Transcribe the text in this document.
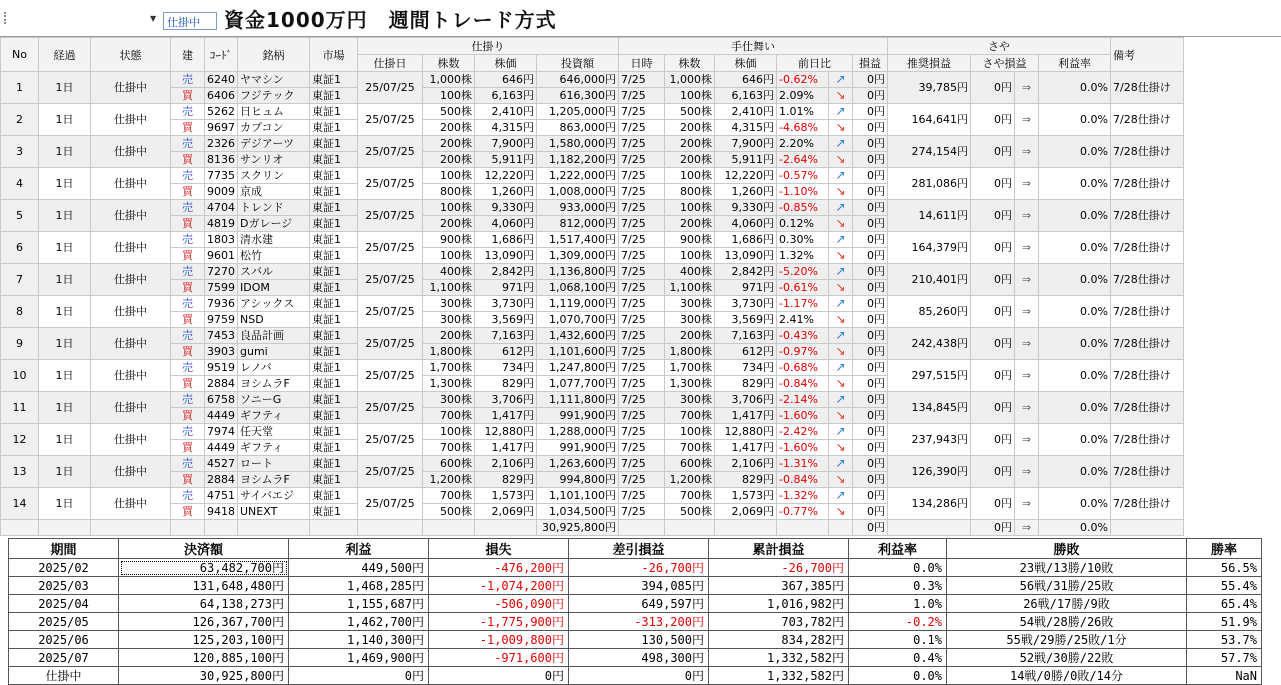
▼ 仕掛中	資金1000万円　週間トレード方式
No	経過	状態	建	ｺｰﾄﾞ	銘柄	市場	仕掛り				手仕舞い						さや				備考
							仕掛日	株数	株価	投資額	日時	株数	株価	前日比		損益	推奨損益	さや損益		利益率	
1	1日	仕掛中	売	6240	ヤマシン	東証1	25/07/25	1,000株	646円	646,000円	7/25	1,000株	646円	-0.62%	↗	0円	39,785円	0円	⇒	0.0%	7/28仕掛け
			買	6406	フジテック	東証1		100株	6,163円	616,300円	7/25	100株	6,163円	2.09%	↘	0円					
2	1日	仕掛中	売	5262	日ヒュム	東証1	25/07/25	500株	2,410円	1,205,000円	7/25	500株	2,410円	1.01%	↗	0円	164,641円	0円	⇒	0.0%	7/28仕掛け
			買	9697	カプコン	東証1		200株	4,315円	863,000円	7/25	200株	4,315円	-4.68%	↘	0円					
3	1日	仕掛中	売	2326	デジアーツ	東証1	25/07/25	200株	7,900円	1,580,000円	7/25	200株	7,900円	2.20%	↗	0円	274,154円	0円	⇒	0.0%	7/28仕掛け
			買	8136	サンリオ	東証1		200株	5,911円	1,182,200円	7/25	200株	5,911円	-2.64%	↘	0円					
4	1日	仕掛中	売	7735	スクリン	東証1	25/07/25	100株	12,220円	1,222,000円	7/25	100株	12,220円	-0.57%	↗	0円	281,086円	0円	⇒	0.0%	7/28仕掛け
			買	9009	京成	東証1		800株	1,260円	1,008,000円	7/25	800株	1,260円	-1.10%	↘	0円					
5	1日	仕掛中	売	4704	トレンド	東証1	25/07/25	100株	9,330円	933,000円	7/25	100株	9,330円	-0.85%	↗	0円	14,611円	0円	⇒	0.0%	7/28仕掛け
			買	4819	Dガレージ	東証1		200株	4,060円	812,000円	7/25	200株	4,060円	0.12%	↘	0円					
6	1日	仕掛中	売	1803	清水建	東証1	25/07/25	900株	1,686円	1,517,400円	7/25	900株	1,686円	0.30%	↗	0円	164,379円	0円	⇒	0.0%	7/28仕掛け
			買	9601	松竹	東証1		100株	13,090円	1,309,000円	7/25	100株	13,090円	1.32%	↘	0円					
7	1日	仕掛中	売	7270	スバル	東証1	25/07/25	400株	2,842円	1,136,800円	7/25	400株	2,842円	-5.20%	↗	0円	210,401円	0円	⇒	0.0%	7/28仕掛け
			買	7599	IDOM	東証1		1,100株	971円	1,068,100円	7/25	1,100株	971円	-0.61%	↘	0円					
8	1日	仕掛中	売	7936	アシックス	東証1	25/07/25	300株	3,730円	1,119,000円	7/25	300株	3,730円	-1.17%	↗	0円	85,260円	0円	⇒	0.0%	7/28仕掛け
			買	9759	NSD	東証1		300株	3,569円	1,070,700円	7/25	300株	3,569円	2.41%	↘	0円					
9	1日	仕掛中	売	7453	良品計画	東証1	25/07/25	200株	7,163円	1,432,600円	7/25	200株	7,163円	-0.43%	↗	0円	242,438円	0円	⇒	0.0%	7/28仕掛け
			買	3903	gumi	東証1		1,800株	612円	1,101,600円	7/25	1,800株	612円	-0.97%	↘	0円					
10	1日	仕掛中	売	9519	レノバ	東証1	25/07/25	1,700株	734円	1,247,800円	7/25	1,700株	734円	-0.68%	↗	0円	297,515円	0円	⇒	0.0%	7/28仕掛け
			買	2884	ヨシムラF	東証1		1,300株	829円	1,077,700円	7/25	1,300株	829円	-0.84%	↘	0円					
11	1日	仕掛中	売	6758	ソニーG	東証1	25/07/25	300株	3,706円	1,111,800円	7/25	300株	3,706円	-2.14%	↗	0円	134,845円	0円	⇒	0.0%	7/28仕掛け
			買	4449	ギフティ	東証1		700株	1,417円	991,900円	7/25	700株	1,417円	-1.60%	↘	0円					
12	1日	仕掛中	売	7974	任天堂	東証1	25/07/25	100株	12,880円	1,288,000円	7/25	100株	12,880円	-2.42%	↗	0円	237,943円	0円	⇒	0.0%	7/28仕掛け
			買	4449	ギフティ	東証1		700株	1,417円	991,900円	7/25	700株	1,417円	-1.60%	↘	0円					
13	1日	仕掛中	売	4527	ロート	東証1	25/07/25	600株	2,106円	1,263,600円	7/25	600株	2,106円	-1.31%	↗	0円	126,390円	0円	⇒	0.0%	7/28仕掛け
			買	2884	ヨシムラF	東証1		1,200株	829円	994,800円	7/25	1,200株	829円	-0.84%	↘	0円					
14	1日	仕掛中	売	4751	サイバエジ	東証1	25/07/25	700株	1,573円	1,101,100円	7/25	700株	1,573円	-1.32%	↗	0円	134,286円	0円	⇒	0.0%	7/28仕掛け
			買	9418	UNEXT	東証1		500株	2,069円	1,034,500円	7/25	500株	2,069円	-0.77%	↘	0円					
										30,925,800円						0円		0円	⇒	0.0%	
期間	決済額	利益	損失	差引損益	累計損益	利益率	勝敗	勝率
2025/02	63,482,700円	449,500円	-476,200円	-26,700円	-26,700円	0.0%	23戦/13勝/10敗	56.5%
2025/03	131,648,480円	1,468,285円	-1,074,200円	394,085円	367,385円	0.3%	56戦/31勝/25敗	55.4%
2025/04	64,138,273円	1,155,687円	-506,090円	649,597円	1,016,982円	1.0%	26戦/17勝/9敗	65.4%
2025/05	126,367,700円	1,462,700円	-1,775,900円	-313,200円	703,782円	-0.2%	54戦/28勝/26敗	51.9%
2025/06	125,203,100円	1,140,300円	-1,009,800円	130,500円	834,282円	0.1%	55戦/29勝/25敗/1分	53.7%
2025/07	120,885,100円	1,469,900円	-971,600円	498,300円	1,332,582円	0.4%	52戦/30勝/22敗	57.7%
仕掛中	30,925,800円	0円	0円	0円	1,332,582円	0.0%	14戦/0勝/0敗/14分	NaN
